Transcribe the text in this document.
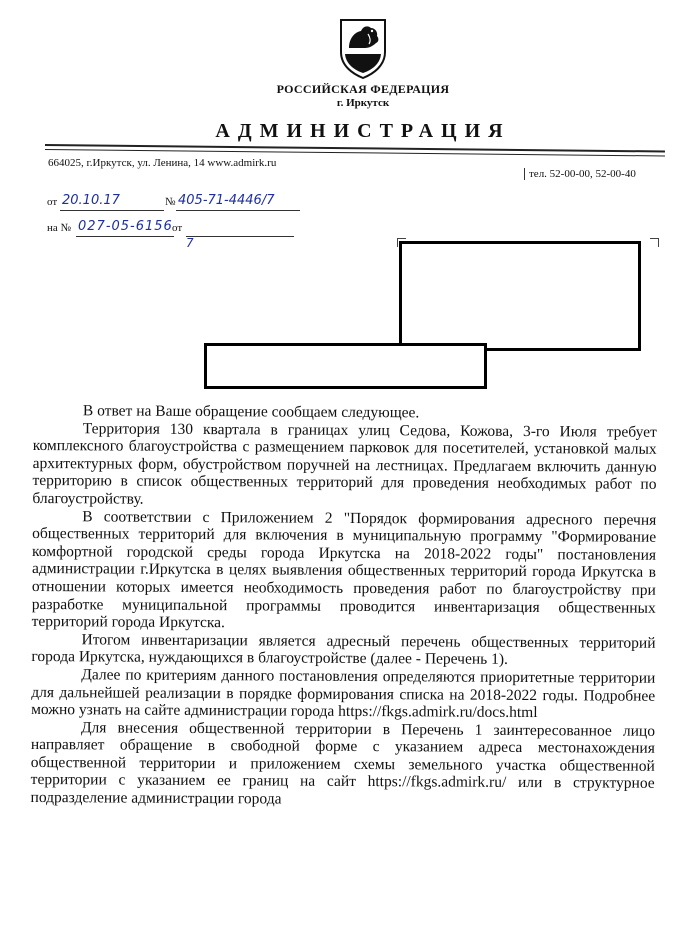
РОССИЙСКАЯ ФЕДЕРАЦИЯ
г. Иркутск
АДМИНИСТРАЦИЯ
664025, г.Иркутск, ул. Ленина, 14 www.admirk.ru
тел. 52-00-00, 52-00-40
от 20.10.17	№ 405-71-4446/7
на № 027-05-6156 от
7

В ответ на Ваше обращение сообщаем следующее.

Территория 130 квартала в границах улиц Седова, Кожова, 3-го Июля требует комплексного благоустройства с размещением парковок для посетителей, установкой малых архитектурных форм, обустройством поручней на лестницах. Предлагаем включить данную территорию в список общественных территорий для проведения необходимых работ по благоустройству.

В соответствии с Приложением 2 "Порядок формирования адресного перечня общественных территорий для включения в муниципальную программу "Формирование комфортной городской среды города Иркутска на 2018-2022 годы" постановления администрации г.Иркутска в целях выявления общественных территорий города Иркутска в отношении которых имеется необходимость проведения работ по благоустройству при разработке муниципальной программы проводится инвентаризация общественных территорий города Иркутска.

Итогом инвентаризации является адресный перечень общественных территорий города Иркутска, нуждающихся в благоустройстве (далее - Перечень 1).

Далее по критериям данного постановления определяются приоритетные территории для дальнейшей реализации в порядке формирования списка на 2018-2022 годы. Подробнее можно узнать на сайте администрации города https://fkgs.admirk.ru/docs.html

Для внесения общественной территории в Перечень 1 заинтересованное лицо направляет обращение в свободной форме с указанием адреса местонахождения общественной территории и приложением схемы земельного участка общественной территории с указанием ее границ на сайт https://fkgs.admirk.ru/ или в структурное подразделение администрации города
